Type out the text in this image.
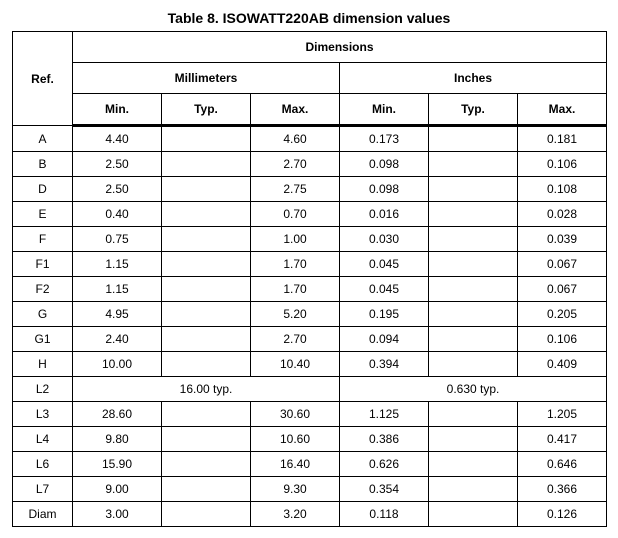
Table 8. ISOWATT220AB dimension values
Ref.	Dimensions					
	Millimeters			Inches		
	Min.	Typ.	Max.	Min.	Typ.	Max.
A	4.40		4.60	0.173		0.181
B	2.50		2.70	0.098		0.106
D	2.50		2.75	0.098		0.108
E	0.40		0.70	0.016		0.028
F	0.75		1.00	0.030		0.039
F1	1.15		1.70	0.045		0.067
F2	1.15		1.70	0.045		0.067
G	4.95		5.20	0.195		0.205
G1	2.40		2.70	0.094		0.106
H	10.00		10.40	0.394		0.409
L2	16.00 typ.			0.630 typ.		
L3	28.60		30.60	1.125		1.205
L4	9.80		10.60	0.386		0.417
L6	15.90		16.40	0.626		0.646
L7	9.00		9.30	0.354		0.366
Diam	3.00		3.20	0.118		0.126
